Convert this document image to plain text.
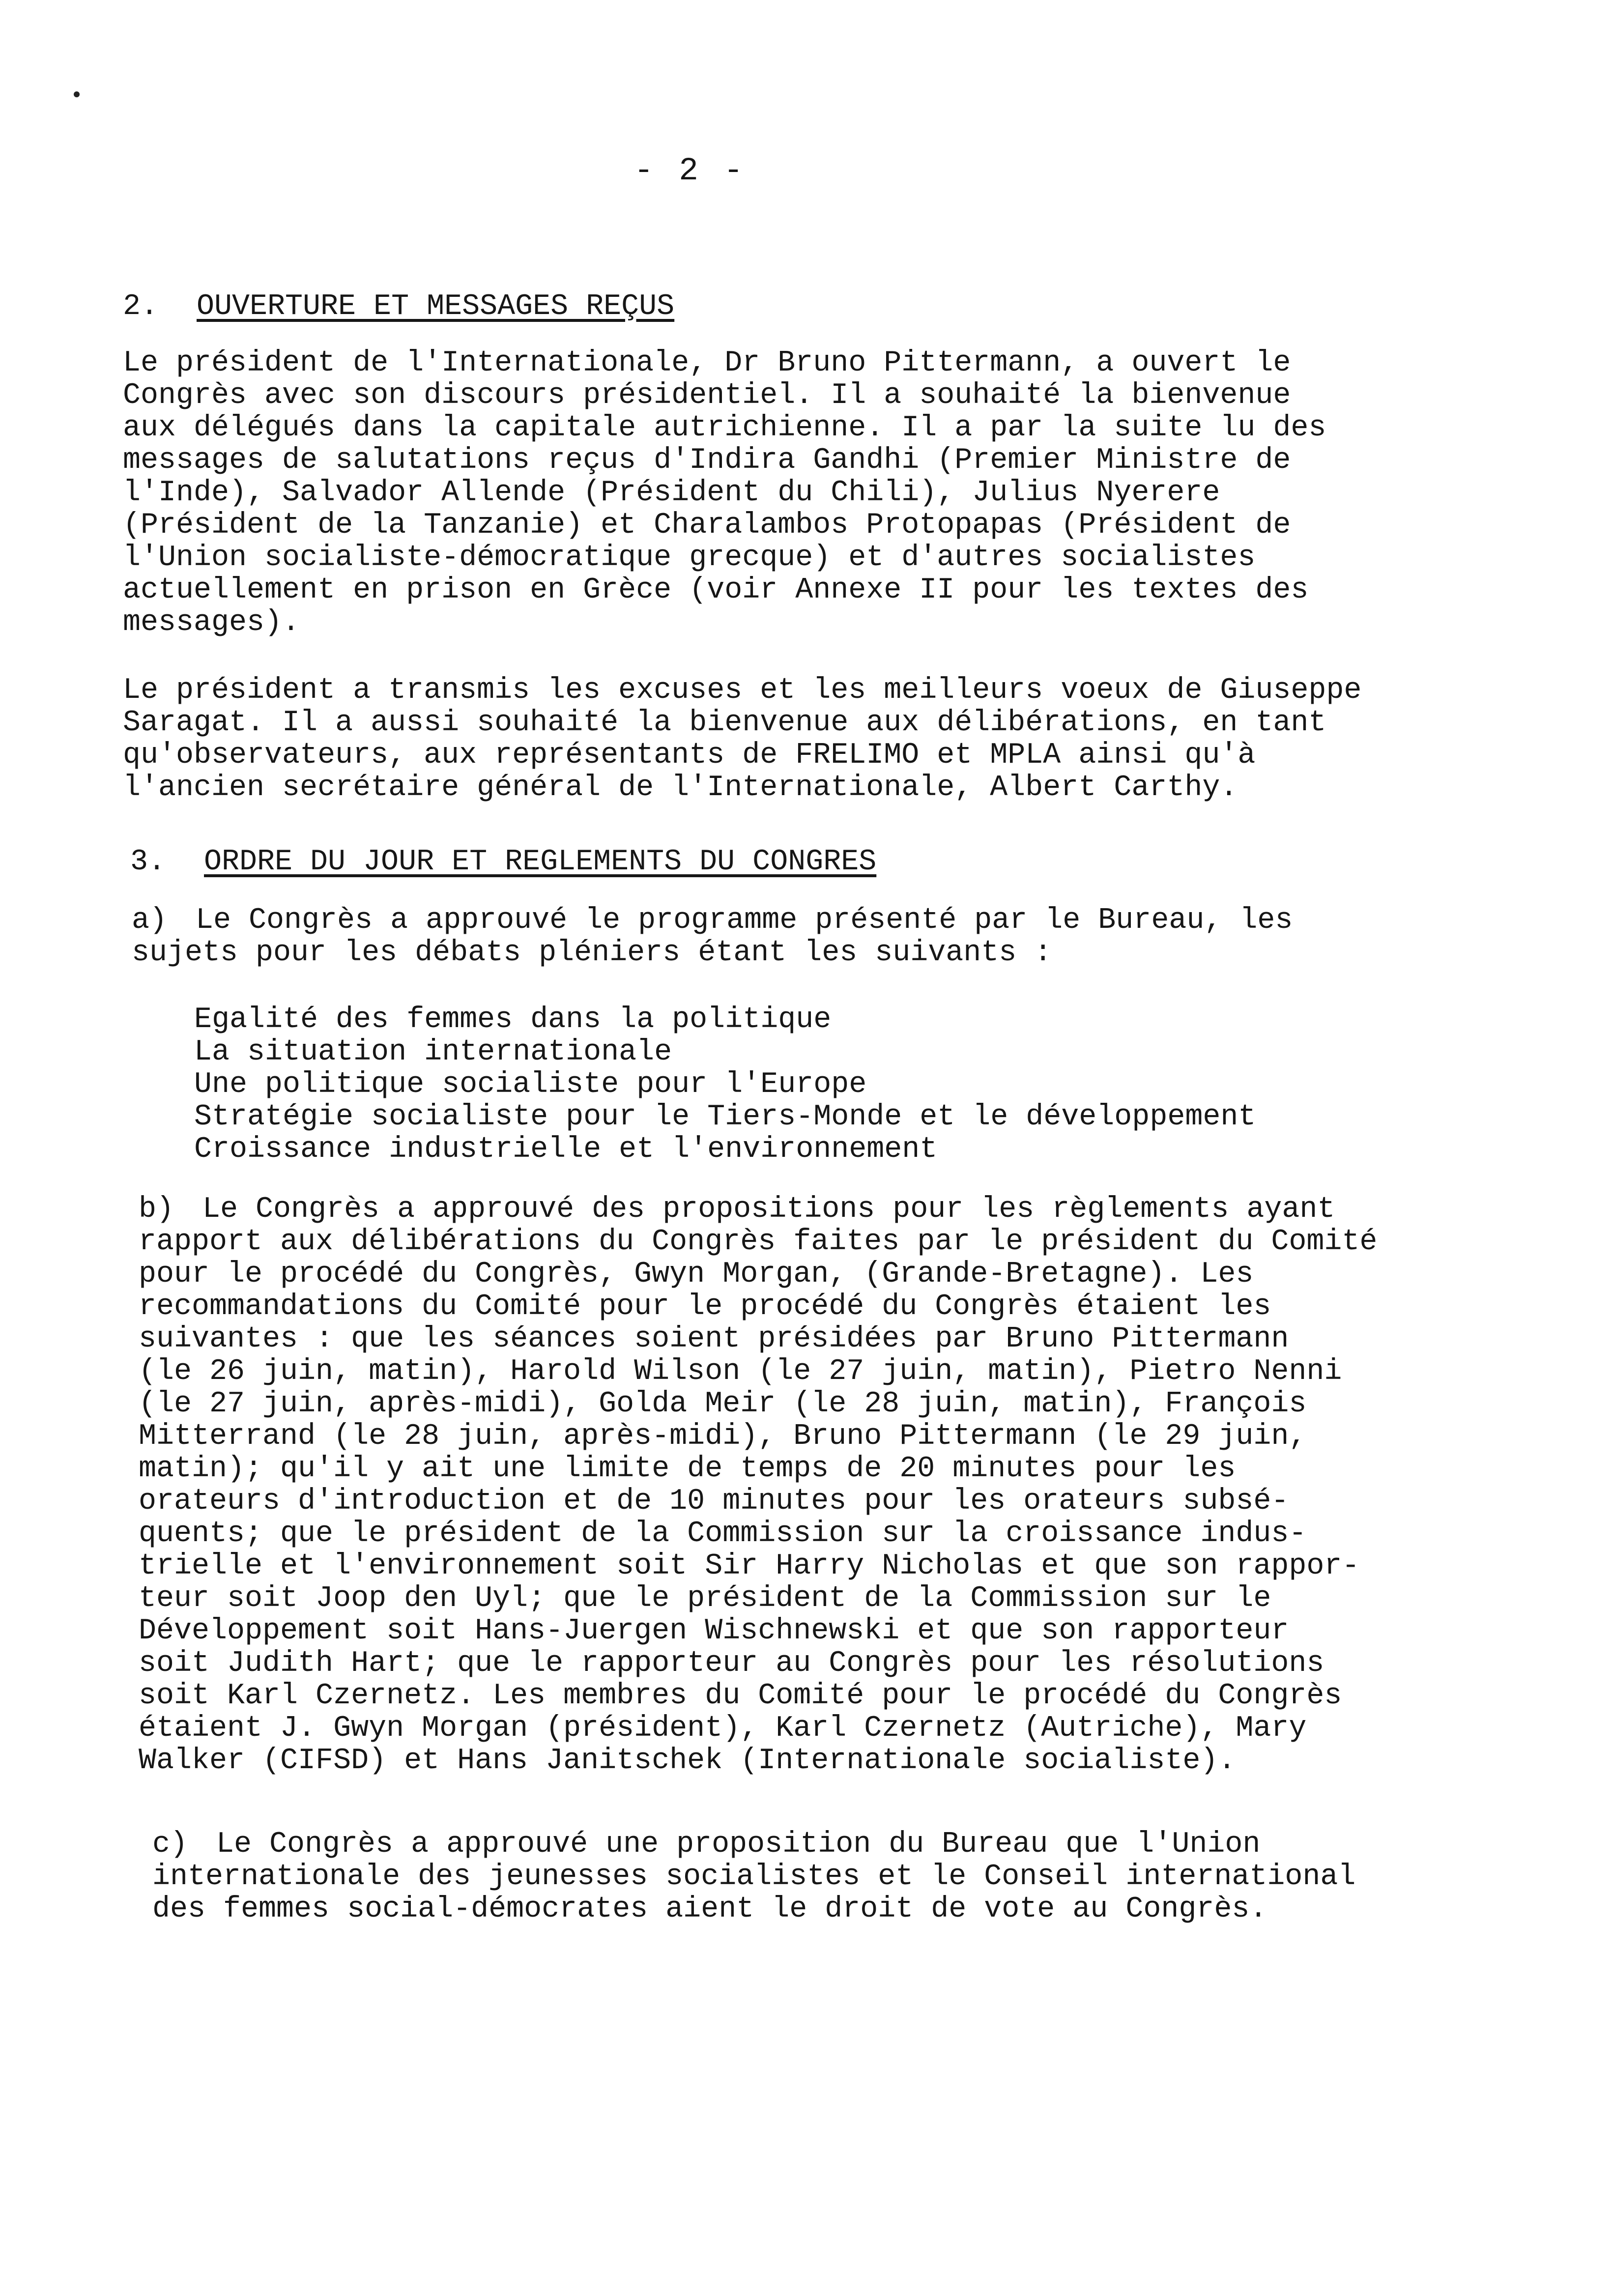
- 2 -
2. OUVERTURE ET MESSAGES REÇUS

Le président de l'Internationale, Dr Bruno Pittermann, a ouvert le

Congrès avec son discours présidentiel. Il a souhaité la bienvenue

aux délégués dans la capitale autrichienne. Il a par la suite lu des

messages de salutations reçus d'Indira Gandhi (Premier Ministre de

l'Inde), Salvador Allende (Président du Chili), Julius Nyerere

(Président de la Tanzanie) et Charalambos Protopapas (Président de

l'Union socialiste-démocratique grecque) et d'autres socialistes

actuellement en prison en Grèce (voir Annexe II pour les textes des

messages).

Le président a transmis les excuses et les meilleurs voeux de Giuseppe

Saragat. Il a aussi souhaité la bienvenue aux délibérations, en tant

qu'observateurs, aux représentants de FRELIMO et MPLA ainsi qu'à

l'ancien secrétaire général de l'Internationale, Albert Carthy.

3. ORDRE DU JOUR ET REGLEMENTS DU CONGRES

a) Le Congrès a approuvé le programme présenté par le Bureau, les

sujets pour les débats pléniers étant les suivants :

Egalité des femmes dans la politique
La situation internationale
Une politique socialiste pour l'Europe
Stratégie socialiste pour le Tiers-Monde et le développement
Croissance industrielle et l'environnement

b) Le Congrès a approuvé des propositions pour les règlements ayant

rapport aux délibérations du Congrès faites par le président du Comité

pour le procédé du Congrès, Gwyn Morgan, (Grande-Bretagne). Les

recommandations du Comité pour le procédé du Congrès étaient les

suivantes : que les séances soient présidées par Bruno Pittermann

(le 26 juin, matin), Harold Wilson (le 27 juin, matin), Pietro Nenni

(le 27 juin, après-midi), Golda Meir (le 28 juin, matin), François

Mitterrand (le 28 juin, après-midi), Bruno Pittermann (le 29 juin,

matin); qu'il y ait une limite de temps de 20 minutes pour les

orateurs d'introduction et de 10 minutes pour les orateurs subsé-

quents; que le président de la Commission sur la croissance indus-

trielle et l'environnement soit Sir Harry Nicholas et que son rappor-

teur soit Joop den Uyl; que le président de la Commission sur le

Développement soit Hans-Juergen Wischnewski et que son rapporteur

soit Judith Hart; que le rapporteur au Congrès pour les résolutions

soit Karl Czernetz. Les membres du Comité pour le procédé du Congrès

étaient J. Gwyn Morgan (président), Karl Czernetz (Autriche), Mary

Walker (CIFSD) et Hans Janitschek (Internationale socialiste).

c) Le Congrès a approuvé une proposition du Bureau que l'Union

internationale des jeunesses socialistes et le Conseil international

des femmes social-démocrates aient le droit de vote au Congrès.
